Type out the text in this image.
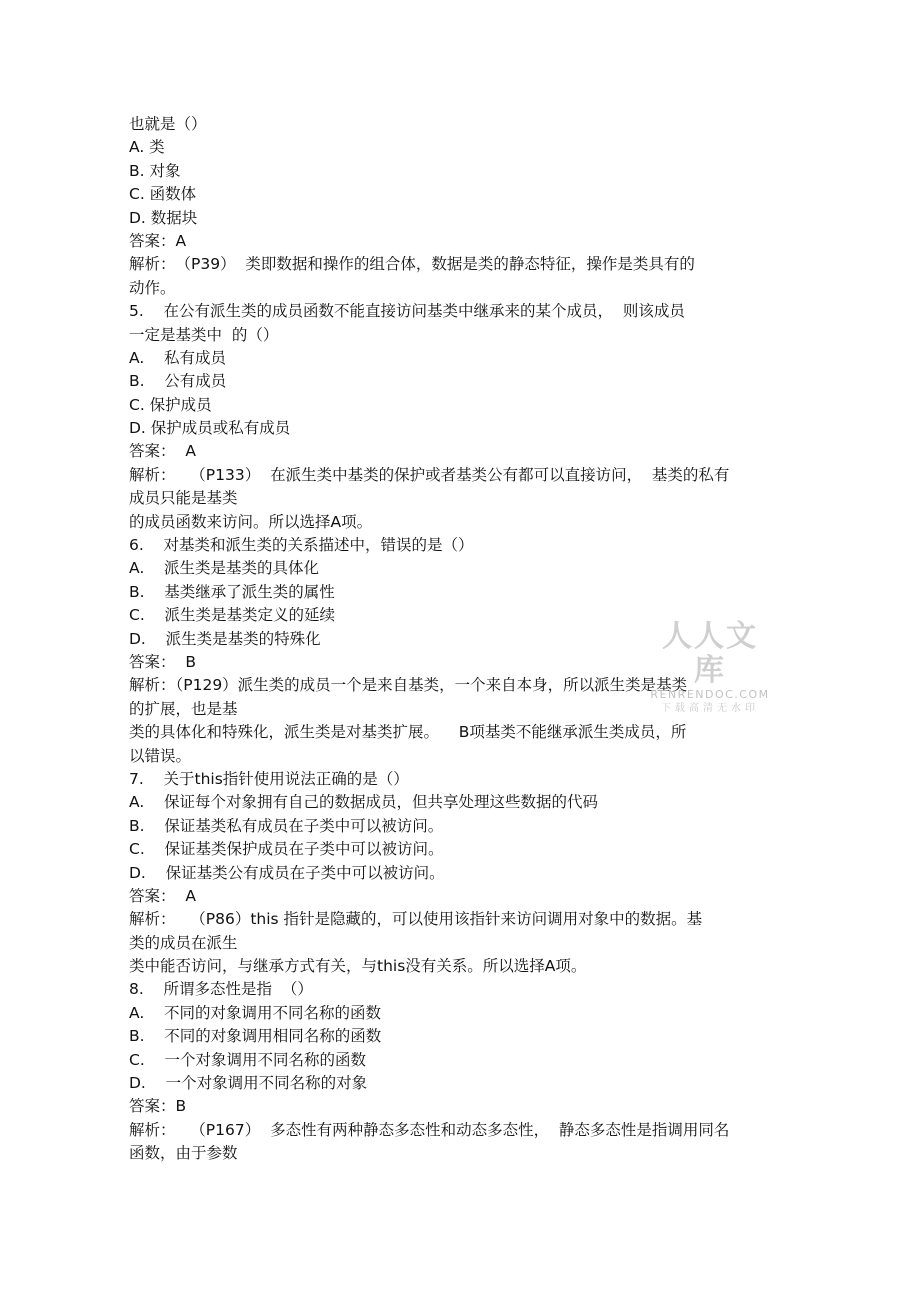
也就是（）
A. 类
B. 对象
C. 函数体
D. 数据块
答案：A
解析：　（P39）  类即数据和操作的组合体，数据是类的静态特征，操作是类具有的
动作。
5.    在公有派生类的成员函数不能直接访问基类中继承来的某个成员，  则该成员
一定是基类中  的（）
A.    私有成员
B.    公有成员
C. 保护成员
D. 保护成员或私有成员
答案：  A
解析：   （P133）  在派生类中基类的保护或者基类公有都可以直接访问，  基类的私有
成员只能是基类
的成员函数来访问。所以选择A项。
6.    对基类和派生类的关系描述中，错误的是（）
A.    派生类是基类的具体化
B.    基类继承了派生类的属性
C.    派生类是基类定义的延续
D.    派生类是基类的特殊化
答案：  B
解析：（P129）派生类的成员一个是来自基类，一个来自本身，所以派生类是基类
的扩展，也是基
类的具体化和特殊化，派生类是对基类扩展。    B项基类不能继承派生类成员，所
以错误。
7.    关于this指针使用说法正确的是（）
A.    保证每个对象拥有自己的数据成员，但共享处理这些数据的代码
B.    保证基类私有成员在子类中可以被访问。
C.    保证基类保护成员在子类中可以被访问。
D.    保证基类公有成员在子类中可以被访问。
答案：  A
解析：   （P86）this 指针是隐藏的，可以使用该指针来访问调用对象中的数据。基
类的成员在派生
类中能否访问，与继承方式有关，与this没有关系。所以选择A项。
8.    所谓多态性是指  （）
A.    不同的对象调用不同名称的函数
B.    不同的对象调用相同名称的函数
C.    一个对象调用不同名称的函数
D.    一个对象调用不同名称的对象
答案：B
解析：   （P167）  多态性有两种静态多态性和动态多态性，  静态多态性是指调用同名
函数，由于参数
人人文库
RENRENDOC.COM
下载高清无水印
